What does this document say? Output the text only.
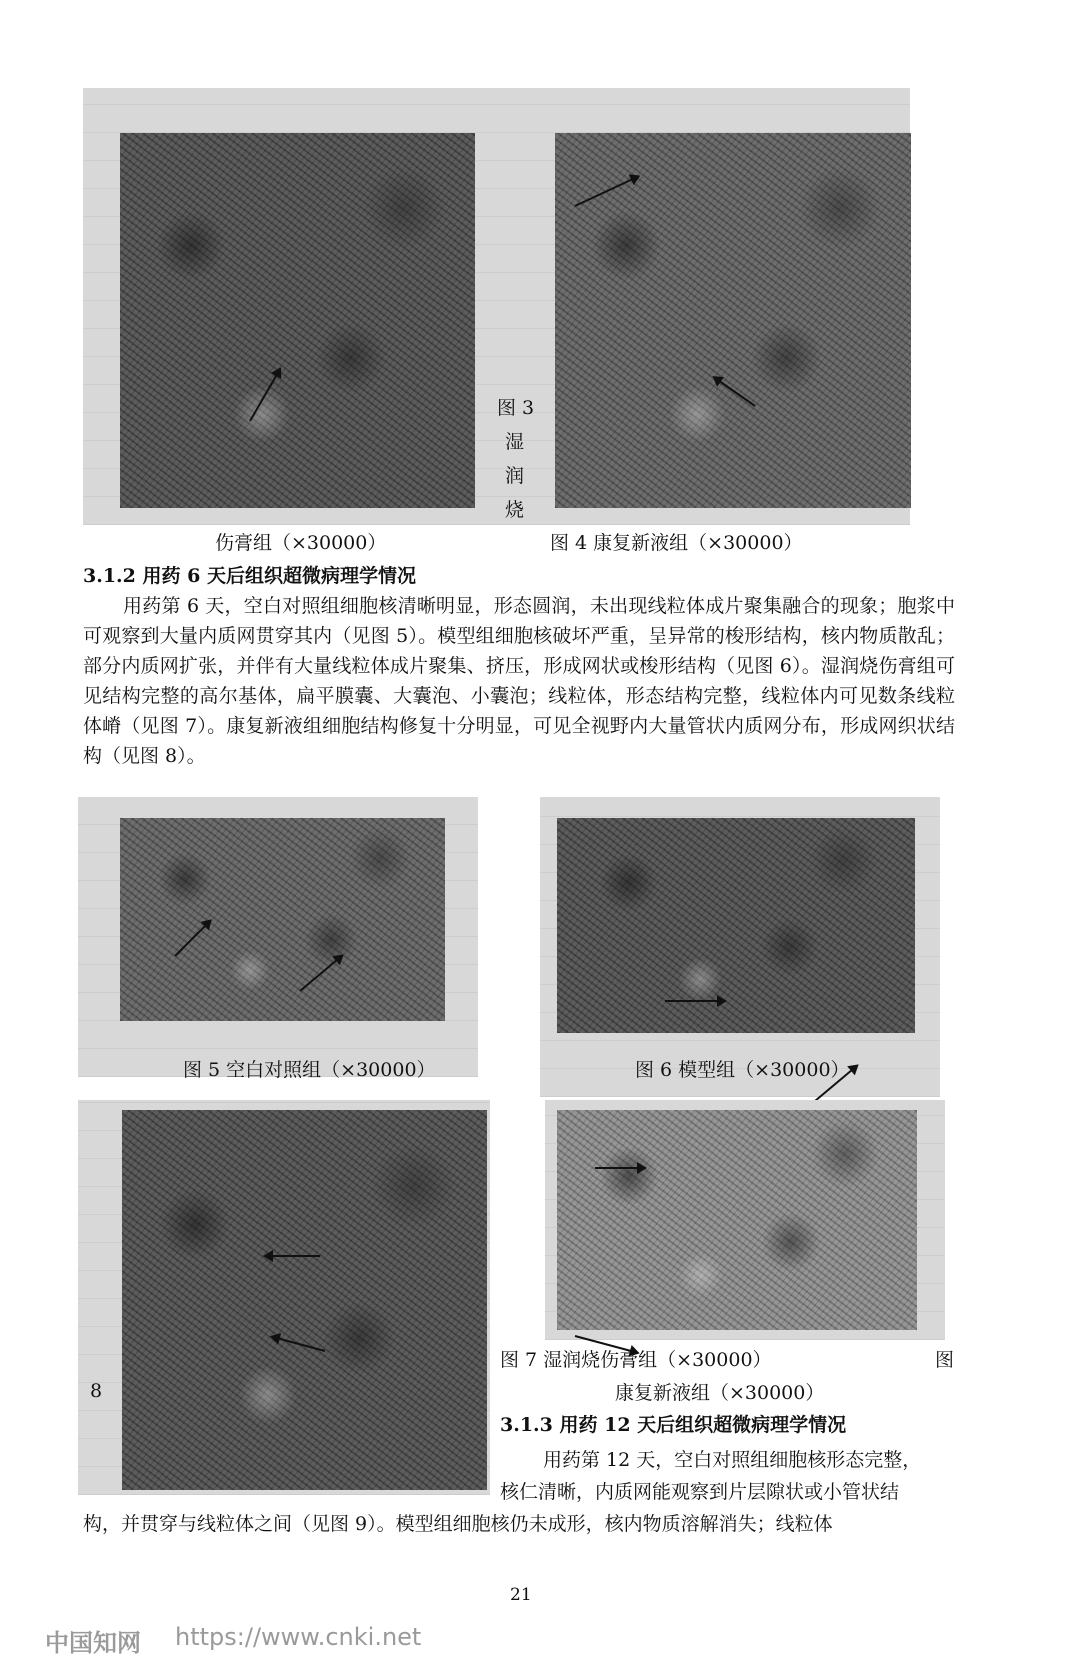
图 3
湿
润
烧
伤膏组（×30000）	图 4 康复新液组（×30000）
3.1.2 用药 6 天后组织超微病理学情况
用药第 6 天，空白对照组细胞核清晰明显，形态圆润，未出现线粒体成片聚集融合的现象；胞浆中可观察到大量内质网贯穿其内（见图 5）。模型组细胞核破坏严重，呈异常的梭形结构，核内物质散乱；部分内质网扩张，并伴有大量线粒体成片聚集、挤压，形成网状或梭形结构（见图 6）。湿润烧伤膏组可见结构完整的高尔基体，扁平膜囊、大囊泡、小囊泡；线粒体，形态结构完整，线粒体内可见数条线粒体嵴（见图 7）。康复新液组细胞结构修复十分明显，可见全视野内大量管状内质网分布，形成网织状结构（见图 8）。
图 5 空白对照组（×30000）	图 6 模型组（×30000）
8
图 7 湿润烧伤膏组（×30000）	图
康复新液组（×30000）
3.1.3 用药 12 天后组织超微病理学情况
用药第 12 天，空白对照组细胞核形态完整，
核仁清晰，内质网能观察到片层隙状或小管状结
构，并贯穿与线粒体之间（见图 9）。模型组细胞核仍未成形，核内物质溶解消失；线粒体
21
中国知网 https://www.cnki.net
